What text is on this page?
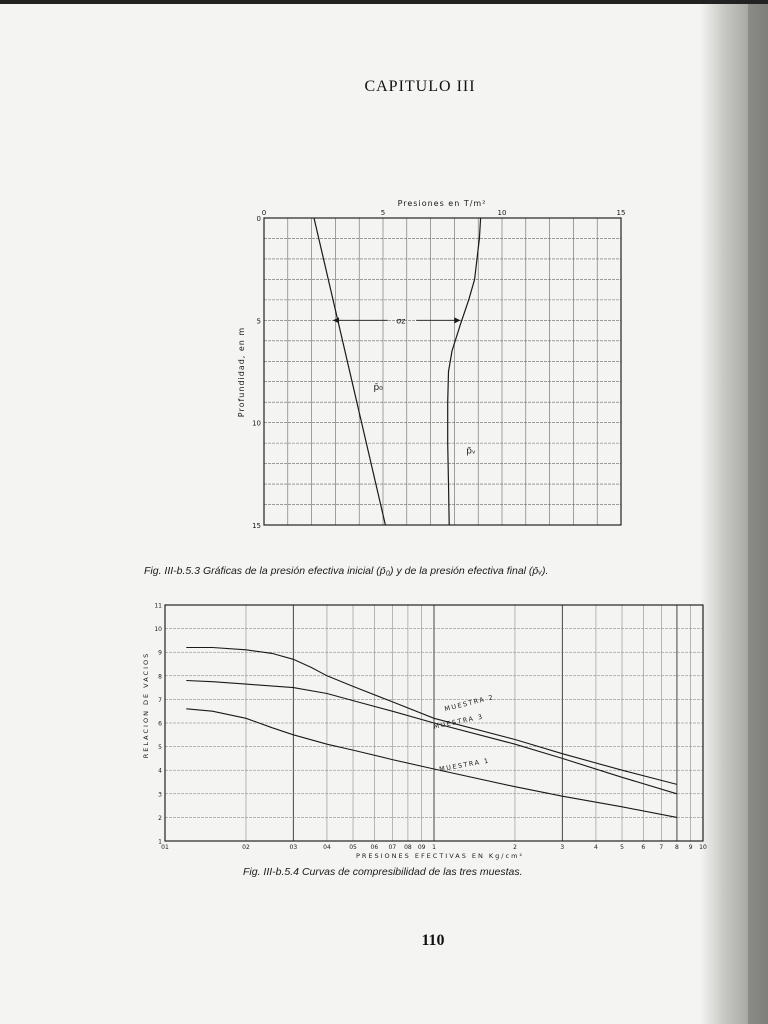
CAPITULO III
Presiones en T/m²
Profundidad, en m
0	5	10	15
0
5
10
15
p̄₀
p̄ᵥ
σz
Fig. III-b.5.3 Gráficas de la presión efectiva inicial (p̄₀) y de la presión efectiva final (p̄ᵥ).
PRESIONES EFECTIVAS EN Kg/cm²
RELACION DE VACIOS
01	02	03	04	05 06 07 08 09 1	2	3	4	5	6 7 8 9 10
1
2
3
4
5
6
7
8
9
10
11
MUESTRA 2
MUESTRA 3
MUESTRA 1
Fig. III-b.5.4 Curvas de compresibilidad de las tres muestas.
110
